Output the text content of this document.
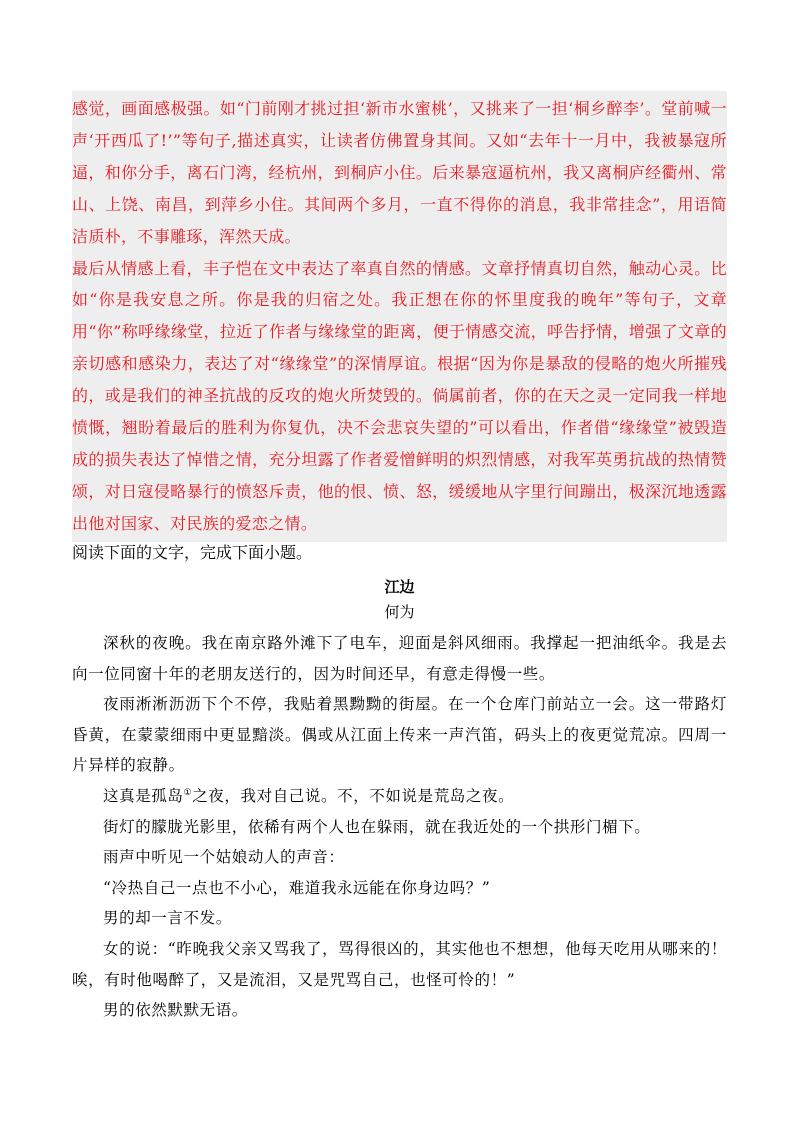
感觉，画面感极强。如“门前刚才挑过担‘新市水蜜桃’，又挑来了一担‘桐乡醉李’。堂前喊一声‘开西瓜了!’”等句子,描述真实，让读者仿佛置身其间。又如“去年十一月中，我被暴寇所逼，和你分手，离石门湾，经杭州，到桐庐小住。后来暴寇逼杭州，我又离桐庐经衢州、常山、上饶、南昌，到萍乡小住。其间两个多月，一直不得你的消息，我非常挂念”，用语简洁质朴，不事雕琢，浑然天成。

最后从情感上看，丰子恺在文中表达了率真自然的情感。文章抒情真切自然，触动心灵。比如“你是我安息之所。你是我的归宿之处。我正想在你的怀里度我的晚年”等句子，文章用“你”称呼缘缘堂，拉近了作者与缘缘堂的距离，便于情感交流，呼告抒情，增强了文章的亲切感和感染力，表达了对“缘缘堂”的深情厚谊。根据“因为你是暴敌的侵略的炮火所摧残的，或是我们的神圣抗战的反攻的炮火所焚毁的。倘属前者，你的在天之灵一定同我一样地愤慨，翘盼着最后的胜利为你复仇，决不会悲哀失望的”可以看出，作者借“缘缘堂”被毁造成的损失表达了悼惜之情，充分坦露了作者爱憎鲜明的炽烈情感，对我军英勇抗战的热情赞颂，对日寇侵略暴行的愤怒斥责，他的恨、愤、怒，缓缓地从字里行间蹦出，极深沉地透露出他对国家、对民族的爱恋之情。

阅读下面的文字，完成下面小题。

江边

何为

深秋的夜晚。我在南京路外滩下了电车，迎面是斜风细雨。我撑起一把油纸伞。我是去向一位同窗十年的老朋友送行的，因为时间还早，有意走得慢一些。

夜雨淅淅沥沥下个不停，我贴着黑黝黝的街屋。在一个仓库门前站立一会。这一带路灯昏黄，在蒙蒙细雨中更显黯淡。偶或从江面上传来一声汽笛，码头上的夜更觉荒凉。四周一片异样的寂静。

这真是孤岛①之夜，我对自己说。不，不如说是荒岛之夜。

街灯的朦胧光影里，依稀有两个人也在躲雨，就在我近处的一个拱形门楣下。

雨声中听见一个姑娘动人的声音：

“冷热自己一点也不小心，难道我永远能在你身边吗？”

男的却一言不发。

女的说：“昨晚我父亲又骂我了，骂得很凶的，其实他也不想想，他每天吃用从哪来的！唉，有时他喝醉了，又是流泪，又是咒骂自己，也怪可怜的！”

男的依然默默无语。
